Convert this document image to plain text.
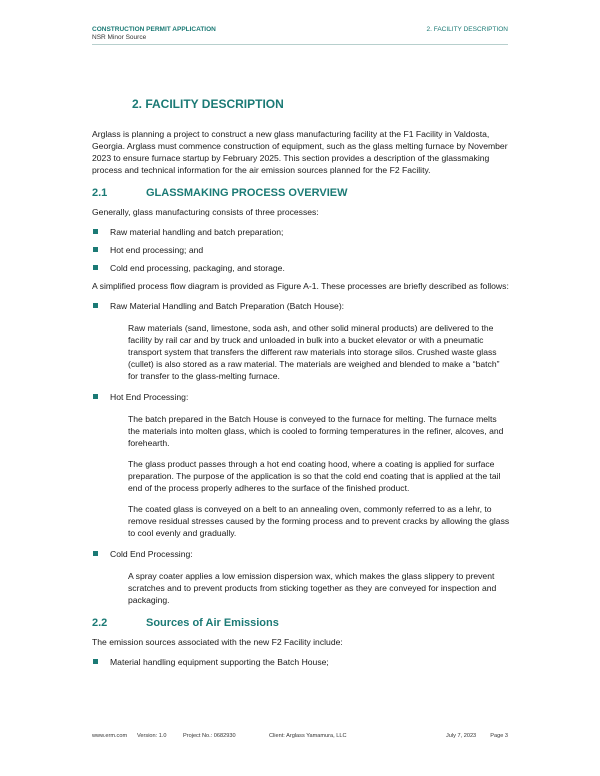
CONSTRUCTION PERMIT APPLICATION
NSR Minor Source
2. FACILITY DESCRIPTION
2. FACILITY DESCRIPTION

Arglass is planning a project to construct a new glass manufacturing facility at the F1 Facility in Valdosta, Georgia. Arglass must commence construction of equipment, such as the glass melting furnace by November 2023 to ensure furnace startup by February 2025. This section provides a description of the glassmaking process and technical information for the air emission sources planned for the F2 Facility.

2.1	GLASSMAKING PROCESS OVERVIEW

Generally, glass manufacturing consists of three processes:

Raw material handling and batch preparation;
Hot end processing; and
Cold end processing, packaging, and storage.

A simplified process flow diagram is provided as Figure A-1. These processes are briefly described as follows:

Raw Material Handling and Batch Preparation (Batch House):

Raw materials (sand, limestone, soda ash, and other solid mineral products) are delivered to the facility by rail car and by truck and unloaded in bulk into a bucket elevator or with a pneumatic transport system that transfers the different raw materials into storage silos. Crushed waste glass (cullet) is also stored as a raw material. The materials are weighed and blended to make a “batch” for transfer to the glass-melting furnace.

Hot End Processing:

The batch prepared in the Batch House is conveyed to the furnace for melting. The furnace melts the materials into molten glass, which is cooled to forming temperatures in the refiner, alcoves, and forehearth.

The glass product passes through a hot end coating hood, where a coating is applied for surface preparation. The purpose of the application is so that the cold end coating that is applied at the tail end of the process properly adheres to the surface of the finished product.

The coated glass is conveyed on a belt to an annealing oven, commonly referred to as a lehr, to remove residual stresses caused by the forming process and to prevent cracks by allowing the glass to cool evenly and gradually.

Cold End Processing:

A spray coater applies a low emission dispersion wax, which makes the glass slippery to prevent scratches and to prevent products from sticking together as they are conveyed for inspection and packaging.

2.2	Sources of Air Emissions

The emission sources associated with the new F2 Facility include:

Material handling equipment supporting the Batch House;
www.erm.com Version: 1.0	Project No.: 0682930	Client: Arglass Yamamura, LLC	July 7, 2023	Page 3
